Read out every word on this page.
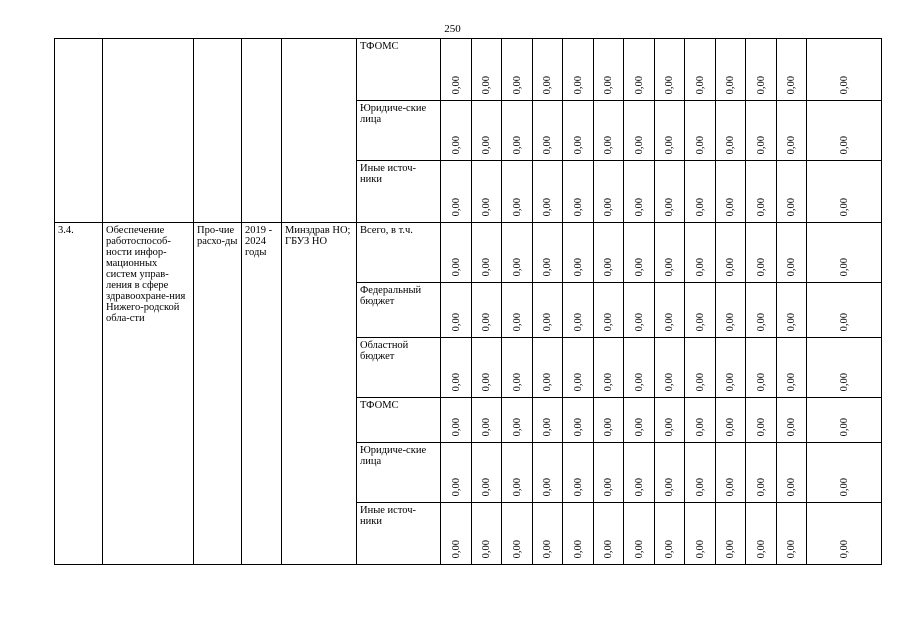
250
					ТФОМС	0,00	0,00	0,00	0,00	0,00	0,00	0,00	0,00	0,00	0,00	0,00	0,00	0,00
					Юридиче-ские лица	0,00	0,00	0,00	0,00	0,00	0,00	0,00	0,00	0,00	0,00	0,00	0,00	0,00
					Иные источ-ники	0,00	0,00	0,00	0,00	0,00	0,00	0,00	0,00	0,00	0,00	0,00	0,00	0,00
3.4.	Обеспечение работоспособ-ности инфор-мационных систем управ-ления в сфере здравоохране-ния Нижего-родской обла-сти	Про-чие расхо-ды	2019 - 2024 годы	Минздрав НО; ГБУЗ НО	Всего, в т.ч.	0,00	0,00	0,00	0,00	0,00	0,00	0,00	0,00	0,00	0,00	0,00	0,00	0,00
					Федеральный бюджет	0,00	0,00	0,00	0,00	0,00	0,00	0,00	0,00	0,00	0,00	0,00	0,00	0,00
					Областной бюджет	0,00	0,00	0,00	0,00	0,00	0,00	0,00	0,00	0,00	0,00	0,00	0,00	0,00
					ТФОМС	0,00	0,00	0,00	0,00	0,00	0,00	0,00	0,00	0,00	0,00	0,00	0,00	0,00
					Юридиче-ские лица	0,00	0,00	0,00	0,00	0,00	0,00	0,00	0,00	0,00	0,00	0,00	0,00	0,00
					Иные источ-ники	0,00	0,00	0,00	0,00	0,00	0,00	0,00	0,00	0,00	0,00	0,00	0,00	0,00
